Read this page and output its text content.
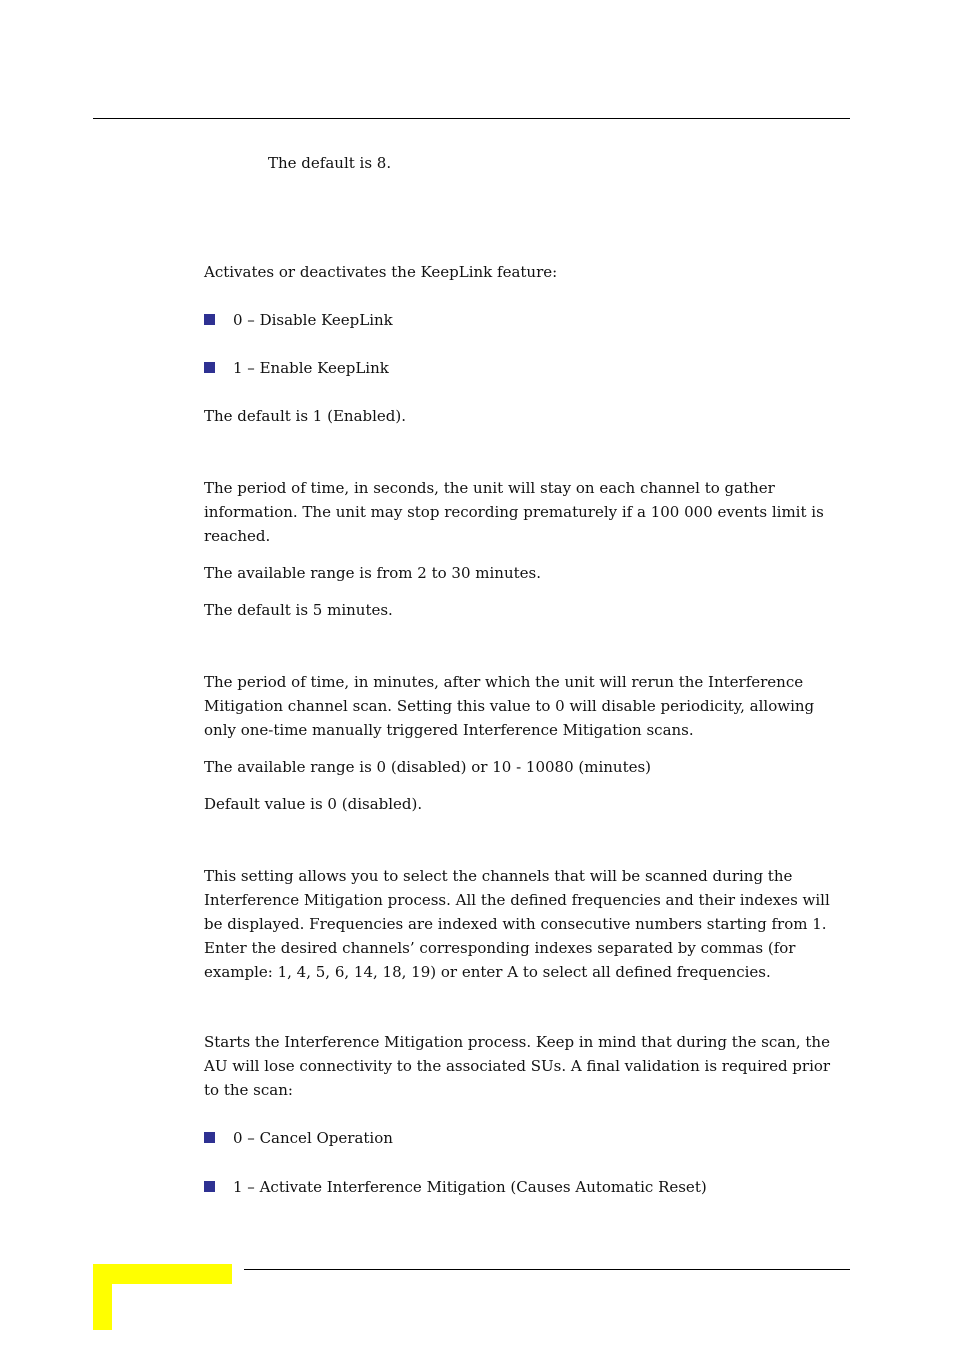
The default is 8.

Activates or deactivates the KeepLink feature:

0 – Disable KeepLink
1 – Enable KeepLink

The default is 1 (Enabled).

The period of time, in seconds, the unit will stay on each channel to gather

information. The unit may stop recording prematurely if a 100 000 events limit is

reached.

The available range is from 2 to 30 minutes.

The default is 5 minutes.

The period of time, in minutes, after which the unit will rerun the Interference

Mitigation channel scan. Setting this value to 0 will disable periodicity, allowing

only one-time manually triggered Interference Mitigation scans.

The available range is 0 (disabled) or 10 - 10080 (minutes)

Default value is 0 (disabled).

This setting allows you to select the channels that will be scanned during the

Interference Mitigation process. All the defined frequencies and their indexes will

be displayed. Frequencies are indexed with consecutive numbers starting from 1.

Enter the desired channels’ corresponding indexes separated by commas (for

example: 1, 4, 5, 6, 14, 18, 19) or enter A to select all defined frequencies.

Starts the Interference Mitigation process. Keep in mind that during the scan, the

AU will lose connectivity to the associated SUs. A final validation is required prior

to the scan:

0 – Cancel Operation
1 – Activate Interference Mitigation (Causes Automatic Reset)
